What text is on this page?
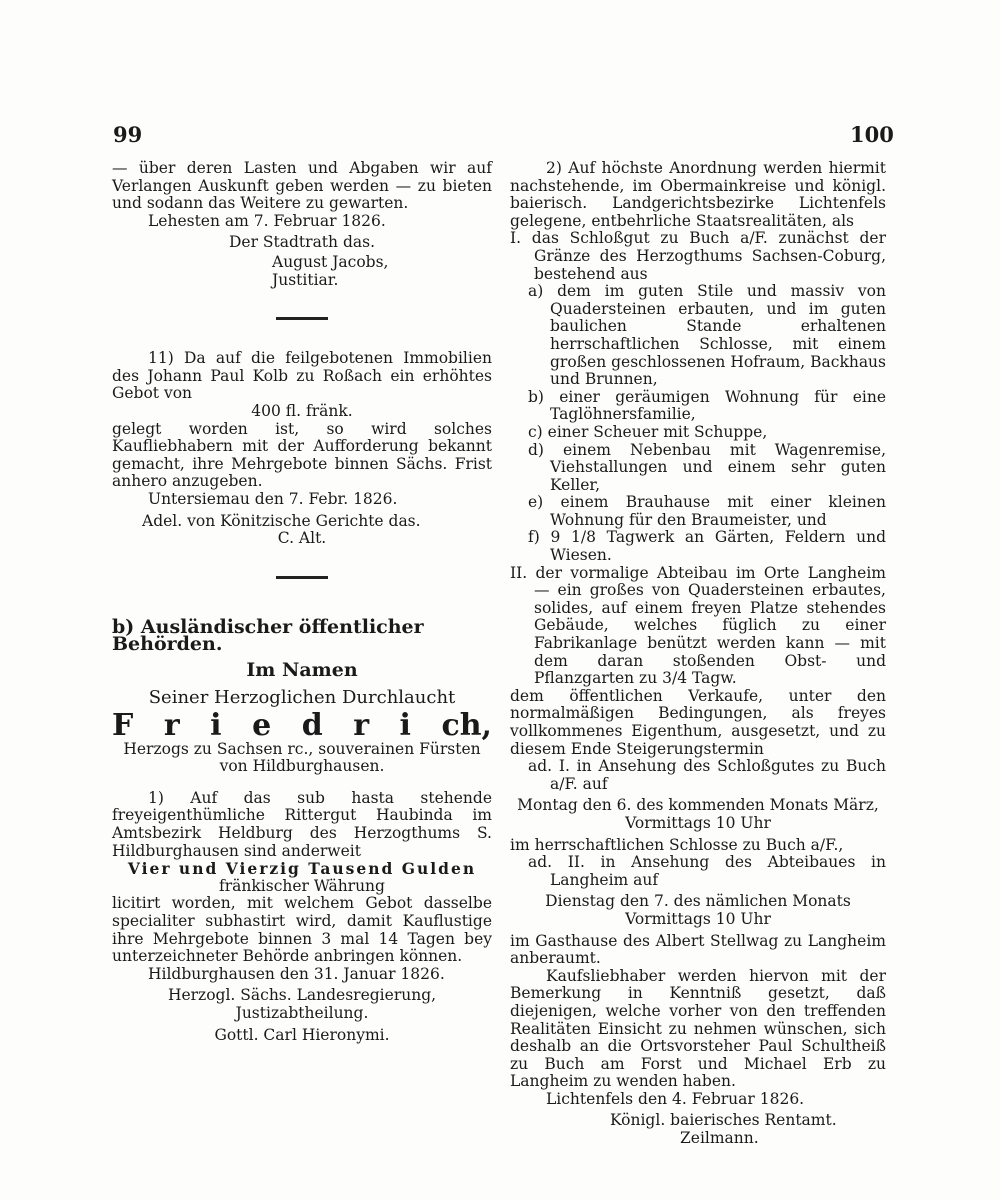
99	100

— über deren Lasten und Abgaben wir auf Verlangen Auskunft geben werden — zu bieten und sodann das Weitere zu gewarten.

Lehesten am 7. Februar 1826.

Der Stadtrath das.

August Jacobs,

Justitiar.

11) Da auf die feilgebotenen Immobilien des Johann Paul Kolb zu Roßach ein erhöhtes Gebot von

400 fl. fränk.

gelegt worden ist, so wird solches Kaufliebhabern mit der Aufforderung bekannt gemacht, ihre Mehrgebote binnen Sächs. Frist anhero anzugeben.

Untersiemau den 7. Febr. 1826.

Adel. von Könitzische Gerichte das.

C. Alt.

b) Ausländischer öffentlicher Behörden.

Im Namen

Seiner Herzoglichen Durchlaucht

F r i e d r i ch,

Herzogs zu Sachsen rc., souverainen Fürsten von Hildburghausen.

1) Auf das sub hasta stehende freyeigenthümliche Rittergut Haubinda im Amtsbezirk Heldburg des Herzogthums S. Hildburghausen sind anderweit

Vier und Vierzig Tausend Gulden

fränkischer Währung

licitirt worden, mit welchem Gebot dasselbe specialiter subhastirt wird, damit Kauflustige ihre Mehrgebote binnen 3 mal 14 Tagen bey unterzeichneter Behörde anbringen können.

Hildburghausen den 31. Januar 1826.

Herzogl. Sächs. Landesregierung,

Justizabtheilung.

Gottl. Carl Hieronymi.

2) Auf höchste Anordnung werden hiermit nachstehende, im Obermainkreise und königl. baierisch. Landgerichtsbezirke Lichtenfels gelegene, entbehrliche Staatsrealitäten, als

I. das Schloßgut zu Buch a/F. zunächst der Gränze des Herzogthums Sachsen-Coburg, bestehend aus

a) dem im guten Stile und massiv von Quadersteinen erbauten, und im guten baulichen Stande erhaltenen herrschaftlichen Schlosse, mit einem großen geschlossenen Hofraum, Backhaus und Brunnen,

b) einer geräumigen Wohnung für eine Taglöhnersfamilie,

c) einer Scheuer mit Schuppe,

d) einem Nebenbau mit Wagenremise, Viehstallungen und einem sehr guten Keller,

e) einem Brauhause mit einer kleinen Wohnung für den Braumeister, und

f) 9 1/8 Tagwerk an Gärten, Feldern und Wiesen.

II. der vormalige Abteibau im Orte Langheim — ein großes von Quadersteinen erbautes, solides, auf einem freyen Platze stehendes Gebäude, welches füglich zu einer Fabrikanlage benützt werden kann — mit dem daran stoßenden Obst- und Pflanzgarten zu 3/4 Tagw.

dem öffentlichen Verkaufe, unter den normalmäßigen Bedingungen, als freyes vollkommenes Eigenthum, ausgesetzt, und zu diesem Ende Steigerungstermin

ad. I. in Ansehung des Schloßgutes zu Buch a/F. auf

Montag den 6. des kommenden Monats März,

Vormittags 10 Uhr

im herrschaftlichen Schlosse zu Buch a/F.,

ad. II. in Ansehung des Abteibaues in Langheim auf

Dienstag den 7. des nämlichen Monats

Vormittags 10 Uhr

im Gasthause des Albert Stellwag zu Langheim anberaumt.

Kaufsliebhaber werden hiervon mit der Bemerkung in Kenntniß gesetzt, daß diejenigen, welche vorher von den treffenden Realitäten Einsicht zu nehmen wünschen, sich deshalb an die Ortsvorsteher Paul Schultheiß zu Buch am Forst und Michael Erb zu Langheim zu wenden haben.

Lichtenfels den 4. Februar 1826.

Königl. baierisches Rentamt.

Zeilmann.
